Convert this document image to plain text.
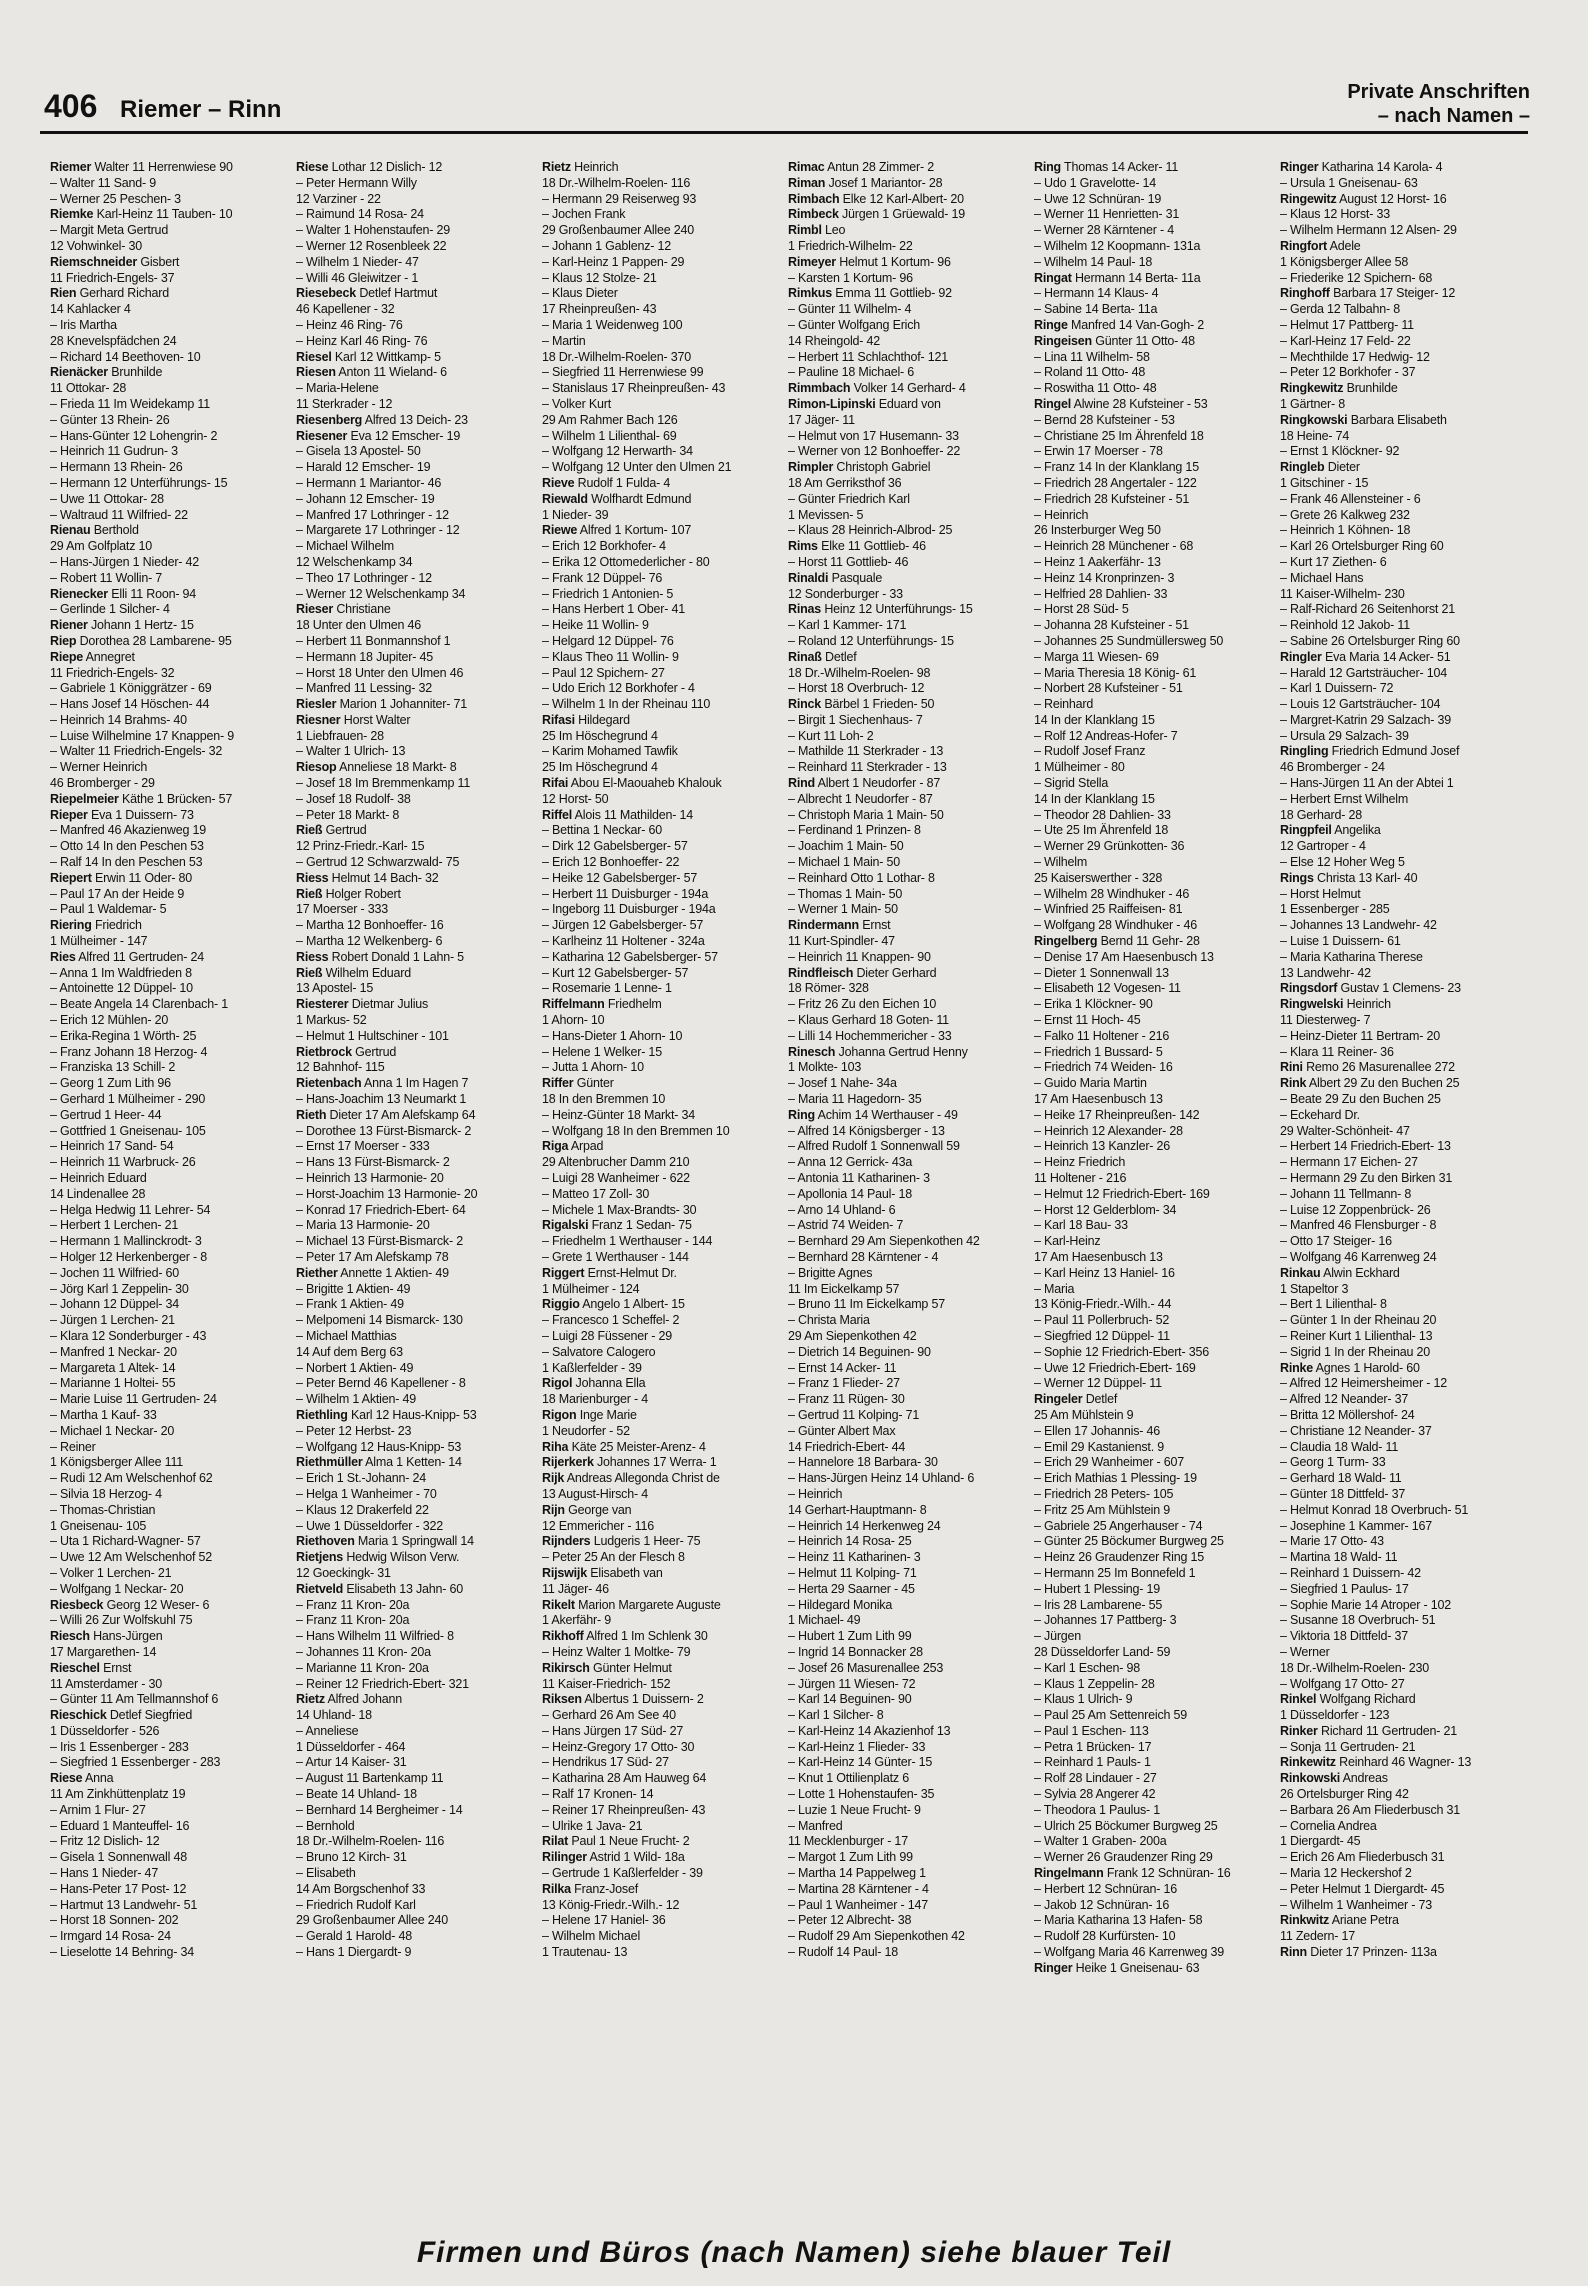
406 Riemer – Rinn
Private Anschriften
– nach Namen –
Riemer Walter 11 Herrenwiese 90
– Walter 11 Sand- 9
– Werner 25 Peschen- 3
Riemke Karl-Heinz 11 Tauben- 10
– Margit Meta Gertrud
12 Vohwinkel- 30
Riemschneider Gisbert
11 Friedrich-Engels- 37
Rien Gerhard Richard
14 Kahlacker 4
– Iris Martha
28 Knevelspfädchen 24
– Richard 14 Beethoven- 10
Rienäcker Brunhilde
11 Ottokar- 28
– Frieda 11 Im Weidekamp 11
– Günter 13 Rhein- 26
– Hans-Günter 12 Lohengrin- 2
– Heinrich 11 Gudrun- 3
– Hermann 13 Rhein- 26
– Hermann 12 Unterführungs- 15
– Uwe 11 Ottokar- 28
– Waltraud 11 Wilfried- 22
Rienau Berthold
29 Am Golfplatz 10
– Hans-Jürgen 1 Nieder- 42
– Robert 11 Wollin- 7
Rienecker Elli 11 Roon- 94
– Gerlinde 1 Silcher- 4
Riener Johann 1 Hertz- 15
Riep Dorothea 28 Lambarene- 95
Riepe Annegret
11 Friedrich-Engels- 32
– Gabriele 1 Königgrätzer - 69
– Hans Josef 14 Höschen- 44
– Heinrich 14 Brahms- 40
– Luise Wilhelmine 17 Knappen- 9
– Walter 11 Friedrich-Engels- 32
– Werner Heinrich
46 Bromberger - 29
Riepelmeier Käthe 1 Brücken- 57
Rieper Eva 1 Duissern- 73
– Manfred 46 Akazienweg 19
– Otto 14 In den Peschen 53
– Ralf 14 In den Peschen 53
Riepert Erwin 11 Oder- 80
– Paul 17 An der Heide 9
– Paul 1 Waldemar- 5
Riering Friedrich
1 Mülheimer - 147
Ries Alfred 11 Gertruden- 24
– Anna 1 Im Waldfrieden 8
– Antoinette 12 Düppel- 10
– Beate Angela 14 Clarenbach- 1
– Erich 12 Mühlen- 20
– Erika-Regina 1 Wörth- 25
– Franz Johann 18 Herzog- 4
– Franziska 13 Schill- 2
– Georg 1 Zum Lith 96
– Gerhard 1 Mülheimer - 290
– Gertrud 1 Heer- 44
– Gottfried 1 Gneisenau- 105
– Heinrich 17 Sand- 54
– Heinrich 11 Warbruck- 26
– Heinrich Eduard
14 Lindenallee 28
– Helga Hedwig 11 Lehrer- 54
– Herbert 1 Lerchen- 21
– Hermann 1 Mallinckrodt- 3
– Holger 12 Herkenberger - 8
– Jochen 11 Wilfried- 60
– Jörg Karl 1 Zeppelin- 30
– Johann 12 Düppel- 34
– Jürgen 1 Lerchen- 21
– Klara 12 Sonderburger - 43
– Manfred 1 Neckar- 20
– Margareta 1 Altek- 14
– Marianne 1 Holtei- 55
– Marie Luise 11 Gertruden- 24
– Martha 1 Kauf- 33
– Michael 1 Neckar- 20
– Reiner
1 Königsberger Allee 111
– Rudi 12 Am Welschenhof 62
– Silvia 18 Herzog- 4
– Thomas-Christian
1 Gneisenau- 105
– Uta 1 Richard-Wagner- 57
– Uwe 12 Am Welschenhof 52
– Volker 1 Lerchen- 21
– Wolfgang 1 Neckar- 20
Riesbeck Georg 12 Weser- 6
– Willi 26 Zur Wolfskuhl 75
Riesch Hans-Jürgen
17 Margarethen- 14
Rieschel Ernst
11 Amsterdamer - 30
– Günter 11 Am Tellmannshof 6
Rieschick Detlef Siegfried
1 Düsseldorfer - 526
– Iris 1 Essenberger - 283
– Siegfried 1 Essenberger - 283
Riese Anna
11 Am Zinkhüttenplatz 19
– Arnim 1 Flur- 27
– Eduard 1 Manteuffel- 16
– Fritz 12 Dislich- 12
– Gisela 1 Sonnenwall 48
– Hans 1 Nieder- 47
– Hans-Peter 17 Post- 12
– Hartmut 13 Landwehr- 51
– Horst 18 Sonnen- 202
– Irmgard 14 Rosa- 24
– Lieselotte 14 Behring- 34
Riese Lothar 12 Dislich- 12
– Peter Hermann Willy
12 Varziner - 22
– Raimund 14 Rosa- 24
– Walter 1 Hohenstaufen- 29
– Werner 12 Rosenbleek 22
– Wilhelm 1 Nieder- 47
– Willi 46 Gleiwitzer - 1
Riesebeck Detlef Hartmut
46 Kapellener - 32
– Heinz 46 Ring- 76
– Heinz Karl 46 Ring- 76
Riesel Karl 12 Wittkamp- 5
Riesen Anton 11 Wieland- 6
– Maria-Helene
11 Sterkrader - 12
Riesenberg Alfred 13 Deich- 23
Riesener Eva 12 Emscher- 19
– Gisela 13 Apostel- 50
– Harald 12 Emscher- 19
– Hermann 1 Mariantor- 46
– Johann 12 Emscher- 19
– Manfred 17 Lothringer - 12
– Margarete 17 Lothringer - 12
– Michael Wilhelm
12 Welschenkamp 34
– Theo 17 Lothringer - 12
– Werner 12 Welschenkamp 34
Rieser Christiane
18 Unter den Ulmen 46
– Herbert 11 Bonmannshof 1
– Hermann 18 Jupiter- 45
– Horst 18 Unter den Ulmen 46
– Manfred 11 Lessing- 32
Riesler Marion 1 Johanniter- 71
Riesner Horst Walter
1 Liebfrauen- 28
– Walter 1 Ulrich- 13
Riesop Anneliese 18 Markt- 8
– Josef 18 Im Bremmenkamp 11
– Josef 18 Rudolf- 38
– Peter 18 Markt- 8
Rieß Gertrud
12 Prinz-Friedr.-Karl- 15
– Gertrud 12 Schwarzwald- 75
Riess Helmut 14 Bach- 32
Rieß Holger Robert
17 Moerser - 333
– Martha 12 Bonhoeffer- 16
– Martha 12 Welkenberg- 6
Riess Robert Donald 1 Lahn- 5
Rieß Wilhelm Eduard
13 Apostel- 15
Riesterer Dietmar Julius
1 Markus- 52
– Helmut 1 Hultschiner - 101
Rietbrock Gertrud
12 Bahnhof- 115
Rietenbach Anna 1 Im Hagen 7
– Hans-Joachim 13 Neumarkt 1
Rieth Dieter 17 Am Alefskamp 64
– Dorothee 13 Fürst-Bismarck- 2
– Ernst 17 Moerser - 333
– Hans 13 Fürst-Bismarck- 2
– Heinrich 13 Harmonie- 20
– Horst-Joachim 13 Harmonie- 20
– Konrad 17 Friedrich-Ebert- 64
– Maria 13 Harmonie- 20
– Michael 13 Fürst-Bismarck- 2
– Peter 17 Am Alefskamp 78
Riether Annette 1 Aktien- 49
– Brigitte 1 Aktien- 49
– Frank 1 Aktien- 49
– Melpomeni 14 Bismarck- 130
– Michael Matthias
14 Auf dem Berg 63
– Norbert 1 Aktien- 49
– Peter Bernd 46 Kapellener - 8
– Wilhelm 1 Aktien- 49
Riethling Karl 12 Haus-Knipp- 53
– Peter 12 Herbst- 23
– Wolfgang 12 Haus-Knipp- 53
Riethmüller Alma 1 Ketten- 14
– Erich 1 St.-Johann- 24
– Helga 1 Wanheimer - 70
– Klaus 12 Drakerfeld 22
– Uwe 1 Düsseldorfer - 322
Riethoven Maria 1 Springwall 14
Rietjens Hedwig Wilson Verw.
12 Goeckingk- 31
Rietveld Elisabeth 13 Jahn- 60
– Franz 11 Kron- 20a
– Franz 11 Kron- 20a
– Hans Wilhelm 11 Wilfried- 8
– Johannes 11 Kron- 20a
– Marianne 11 Kron- 20a
– Reiner 12 Friedrich-Ebert- 321
Rietz Alfred Johann
14 Uhland- 18
– Anneliese
1 Düsseldorfer - 464
– Artur 14 Kaiser- 31
– August 11 Bartenkamp 11
– Beate 14 Uhland- 18
– Bernhard 14 Bergheimer - 14
– Bernhold
18 Dr.-Wilhelm-Roelen- 116
– Bruno 12 Kirch- 31
– Elisabeth
14 Am Borgschenhof 33
– Friedrich Rudolf Karl
29 Großenbaumer Allee 240
– Gerald 1 Harold- 48
– Hans 1 Diergardt- 9
Rietz Heinrich
18 Dr.-Wilhelm-Roelen- 116
– Hermann 29 Reiserweg 93
– Jochen Frank
29 Großenbaumer Allee 240
– Johann 1 Gablenz- 12
– Karl-Heinz 1 Pappen- 29
– Klaus 12 Stolze- 21
– Klaus Dieter
17 Rheinpreußen- 43
– Maria 1 Weidenweg 100
– Martin
18 Dr.-Wilhelm-Roelen- 370
– Siegfried 11 Herrenwiese 99
– Stanislaus 17 Rheinpreußen- 43
– Volker Kurt
29 Am Rahmer Bach 126
– Wilhelm 1 Lilienthal- 69
– Wolfgang 12 Herwarth- 34
– Wolfgang 12 Unter den Ulmen 21
Rieve Rudolf 1 Fulda- 4
Riewald Wolfhardt Edmund
1 Nieder- 39
Riewe Alfred 1 Kortum- 107
– Erich 12 Borkhofer- 4
– Erika 12 Ottomederlicher - 80
– Frank 12 Düppel- 76
– Friedrich 1 Antonien- 5
– Hans Herbert 1 Ober- 41
– Heike 11 Wollin- 9
– Helgard 12 Düppel- 76
– Klaus Theo 11 Wollin- 9
– Paul 12 Spichern- 27
– Udo Erich 12 Borkhofer - 4
– Wilhelm 1 In der Rheinau 110
Rifasi Hildegard
25 Im Höschegrund 4
– Karim Mohamed Tawfik
25 Im Höschegrund 4
Rifai Abou El-Maouaheb Khalouk
12 Horst- 50
Riffel Alois 11 Mathilden- 14
– Bettina 1 Neckar- 60
– Dirk 12 Gabelsberger- 57
– Erich 12 Bonhoeffer- 22
– Heike 12 Gabelsberger- 57
– Herbert 11 Duisburger - 194a
– Ingeborg 11 Duisburger - 194a
– Jürgen 12 Gabelsberger- 57
– Karlheinz 11 Holtener - 324a
– Katharina 12 Gabelsberger- 57
– Kurt 12 Gabelsberger- 57
– Rosemarie 1 Lenne- 1
Riffelmann Friedhelm
1 Ahorn- 10
– Hans-Dieter 1 Ahorn- 10
– Helene 1 Welker- 15
– Jutta 1 Ahorn- 10
Riffer Günter
18 In den Bremmen 10
– Heinz-Günter 18 Markt- 34
– Wolfgang 18 In den Bremmen 10
Riga Arpad
29 Altenbrucher Damm 210
– Luigi 28 Wanheimer - 622
– Matteo 17 Zoll- 30
– Michele 1 Max-Brandts- 30
Rigalski Franz 1 Sedan- 75
– Friedhelm 1 Werthauser - 144
– Grete 1 Werthauser - 144
Riggert Ernst-Helmut Dr.
1 Mülheimer - 124
Riggio Angelo 1 Albert- 15
– Francesco 1 Scheffel- 2
– Luigi 28 Füssener - 29
– Salvatore Calogero
1 Kaßlerfelder - 39
Rigol Johanna Ella
18 Marienburger - 4
Rigon Inge Marie
1 Neudorfer - 52
Riha Käte 25 Meister-Arenz- 4
Rijerkerk Johannes 17 Werra- 1
Rijk Andreas Allegonda Christ de
13 August-Hirsch- 4
Rijn George van
12 Emmericher - 116
Rijnders Ludgeris 1 Heer- 75
– Peter 25 An der Flesch 8
Rijswijk Elisabeth van
11 Jäger- 46
Rikelt Marion Margarete Auguste
1 Akerfähr- 9
Rikhoff Alfred 1 Im Schlenk 30
– Heinz Walter 1 Moltke- 79
Rikirsch Günter Helmut
11 Kaiser-Friedrich- 152
Riksen Albertus 1 Duissern- 2
– Gerhard 26 Am See 40
– Hans Jürgen 17 Süd- 27
– Heinz-Gregory 17 Otto- 30
– Hendrikus 17 Süd- 27
– Katharina 28 Am Hauweg 64
– Ralf 17 Kronen- 14
– Reiner 17 Rheinpreußen- 43
– Ulrike 1 Java- 21
Rilat Paul 1 Neue Frucht- 2
Rilinger Astrid 1 Wild- 18a
– Gertrude 1 Kaßlerfelder - 39
Rilka Franz-Josef
13 König-Friedr.-Wilh.- 12
– Helene 17 Haniel- 36
– Wilhelm Michael
1 Trautenau- 13
Rimac Antun 28 Zimmer- 2
Riman Josef 1 Mariantor- 28
Rimbach Elke 12 Karl-Albert- 20
Rimbeck Jürgen 1 Grüewald- 19
Rimbl Leo
1 Friedrich-Wilhelm- 22
Rimeyer Helmut 1 Kortum- 96
– Karsten 1 Kortum- 96
Rimkus Emma 11 Gottlieb- 92
– Günter 11 Wilhelm- 4
– Günter Wolfgang Erich
14 Rheingold- 42
– Herbert 11 Schlachthof- 121
– Pauline 18 Michael- 6
Rimmbach Volker 14 Gerhard- 4
Rimon-Lipinski Eduard von
17 Jäger- 11
– Helmut von 17 Husemann- 33
– Werner von 12 Bonhoeffer- 22
Rimpler Christoph Gabriel
18 Am Gerriksthof 36
– Günter Friedrich Karl
1 Mevissen- 5
– Klaus 28 Heinrich-Albrod- 25
Rims Elke 11 Gottlieb- 46
– Horst 11 Gottlieb- 46
Rinaldi Pasquale
12 Sonderburger - 33
Rinas Heinz 12 Unterführungs- 15
– Karl 1 Kammer- 171
– Roland 12 Unterführungs- 15
Rinaß Detlef
18 Dr.-Wilhelm-Roelen- 98
– Horst 18 Overbruch- 12
Rinck Bärbel 1 Frieden- 50
– Birgit 1 Siechenhaus- 7
– Kurt 11 Loh- 2
– Mathilde 11 Sterkrader - 13
– Reinhard 11 Sterkrader - 13
Rind Albert 1 Neudorfer - 87
– Albrecht 1 Neudorfer - 87
– Christoph Maria 1 Main- 50
– Ferdinand 1 Prinzen- 8
– Joachim 1 Main- 50
– Michael 1 Main- 50
– Reinhard Otto 1 Lothar- 8
– Thomas 1 Main- 50
– Werner 1 Main- 50
Rindermann Ernst
11 Kurt-Spindler- 47
– Heinrich 11 Knappen- 90
Rindfleisch Dieter Gerhard
18 Römer- 328
– Fritz 26 Zu den Eichen 10
– Klaus Gerhard 18 Goten- 11
– Lilli 14 Hochemmericher - 33
Rinesch Johanna Gertrud Henny
1 Molkte- 103
– Josef 1 Nahe- 34a
– Maria 11 Hagedorn- 35
Ring Achim 14 Werthauser - 49
– Alfred 14 Königsberger - 13
– Alfred Rudolf 1 Sonnenwall 59
– Anna 12 Gerrick- 43a
– Antonia 11 Katharinen- 3
– Apollonia 14 Paul- 18
– Arno 14 Uhland- 6
– Astrid 74 Weiden- 7
– Bernhard 29 Am Siepenkothen 42
– Bernhard 28 Kärntener - 4
– Brigitte Agnes
11 Im Eickelkamp 57
– Bruno 11 Im Eickelkamp 57
– Christa Maria
29 Am Siepenkothen 42
– Dietrich 14 Beguinen- 90
– Ernst 14 Acker- 11
– Franz 1 Flieder- 27
– Franz 11 Rügen- 30
– Gertrud 11 Kolping- 71
– Günter Albert Max
14 Friedrich-Ebert- 44
– Hannelore 18 Barbara- 30
– Hans-Jürgen Heinz 14 Uhland- 6
– Heinrich
14 Gerhart-Hauptmann- 8
– Heinrich 14 Herkenweg 24
– Heinrich 14 Rosa- 25
– Heinz 11 Katharinen- 3
– Helmut 11 Kolping- 71
– Herta 29 Saarner - 45
– Hildegard Monika
1 Michael- 49
– Hubert 1 Zum Lith 99
– Ingrid 14 Bonnacker 28
– Josef 26 Masurenallee 253
– Jürgen 11 Wiesen- 72
– Karl 14 Beguinen- 90
– Karl 1 Silcher- 8
– Karl-Heinz 14 Akazienhof 13
– Karl-Heinz 1 Flieder- 33
– Karl-Heinz 14 Günter- 15
– Knut 1 Ottilienplatz 6
– Lotte 1 Hohenstaufen- 35
– Luzie 1 Neue Frucht- 9
– Manfred
11 Mecklenburger - 17
– Margot 1 Zum Lith 99
– Martha 14 Pappelweg 1
– Martina 28 Kärntener - 4
– Paul 1 Wanheimer - 147
– Peter 12 Albrecht- 38
– Rudolf 29 Am Siepenkothen 42
– Rudolf 14 Paul- 18
Ring Thomas 14 Acker- 11
– Udo 1 Gravelotte- 14
– Uwe 12 Schnüran- 19
– Werner 11 Henrietten- 31
– Werner 28 Kärntener - 4
– Wilhelm 12 Koopmann- 131a
– Wilhelm 14 Paul- 18
Ringat Hermann 14 Berta- 11a
– Hermann 14 Klaus- 4
– Sabine 14 Berta- 11a
Ringe Manfred 14 Van-Gogh- 2
Ringeisen Günter 11 Otto- 48
– Lina 11 Wilhelm- 58
– Roland 11 Otto- 48
– Roswitha 11 Otto- 48
Ringel Alwine 28 Kufsteiner - 53
– Bernd 28 Kufsteiner - 53
– Christiane 25 Im Ährenfeld 18
– Erwin 17 Moerser - 78
– Franz 14 In der Klanklang 15
– Friedrich 28 Angertaler - 122
– Friedrich 28 Kufsteiner - 51
– Heinrich
26 Insterburger Weg 50
– Heinrich 28 Münchener - 68
– Heinz 1 Aakerfähr- 13
– Heinz 14 Kronprinzen- 3
– Helfried 28 Dahlien- 33
– Horst 28 Süd- 5
– Johanna 28 Kufsteiner - 51
– Johannes 25 Sundmüllersweg 50
– Marga 11 Wiesen- 69
– Maria Theresia 18 König- 61
– Norbert 28 Kufsteiner - 51
– Reinhard
14 In der Klanklang 15
– Rolf 12 Andreas-Hofer- 7
– Rudolf Josef Franz
1 Mülheimer - 80
– Sigrid Stella
14 In der Klanklang 15
– Theodor 28 Dahlien- 33
– Ute 25 Im Ährenfeld 18
– Werner 29 Grünkotten- 36
– Wilhelm
25 Kaiserswerther - 328
– Wilhelm 28 Windhuker - 46
– Winfried 25 Raiffeisen- 81
– Wolfgang 28 Windhuker - 46
Ringelberg Bernd 11 Gehr- 28
– Denise 17 Am Haesenbusch 13
– Dieter 1 Sonnenwall 13
– Elisabeth 12 Vogesen- 11
– Erika 1 Klöckner- 90
– Ernst 11 Hoch- 45
– Falko 11 Holtener - 216
– Friedrich 1 Bussard- 5
– Friedrich 74 Weiden- 16
– Guido Maria Martin
17 Am Haesenbusch 13
– Heike 17 Rheinpreußen- 142
– Heinrich 12 Alexander- 28
– Heinrich 13 Kanzler- 26
– Heinz Friedrich
11 Holtener - 216
– Helmut 12 Friedrich-Ebert- 169
– Horst 12 Gelderblom- 34
– Karl 18 Bau- 33
– Karl-Heinz
17 Am Haesenbusch 13
– Karl Heinz 13 Haniel- 16
– Maria
13 König-Friedr.-Wilh.- 44
– Paul 11 Pollerbruch- 52
– Siegfried 12 Düppel- 11
– Sophie 12 Friedrich-Ebert- 356
– Uwe 12 Friedrich-Ebert- 169
– Werner 12 Düppel- 11
Ringeler Detlef
25 Am Mühlstein 9
– Ellen 17 Johannis- 46
– Emil 29 Kastanienst. 9
– Erich 29 Wanheimer - 607
– Erich Mathias 1 Plessing- 19
– Friedrich 28 Peters- 105
– Fritz 25 Am Mühlstein 9
– Gabriele 25 Angerhauser - 74
– Günter 25 Böckumer Burgweg 25
– Heinz 26 Graudenzer Ring 15
– Hermann 25 Im Bonnefeld 1
– Hubert 1 Plessing- 19
– Iris 28 Lambarene- 55
– Johannes 17 Pattberg- 3
– Jürgen
28 Düsseldorfer Land- 59
– Karl 1 Eschen- 98
– Klaus 1 Zeppelin- 28
– Klaus 1 Ulrich- 9
– Paul 25 Am Settenreich 59
– Paul 1 Eschen- 113
– Petra 1 Brücken- 17
– Reinhard 1 Pauls- 1
– Rolf 28 Lindauer - 27
– Sylvia 28 Angerer 42
– Theodora 1 Paulus- 1
– Ulrich 25 Böckumer Burgweg 25
– Walter 1 Graben- 200a
– Werner 26 Graudenzer Ring 29
Ringelmann Frank 12 Schnüran- 16
– Herbert 12 Schnüran- 16
– Jakob 12 Schnüran- 16
– Maria Katharina 13 Hafen- 58
– Rudolf 28 Kurfürsten- 10
– Wolfgang Maria 46 Karrenweg 39
Ringer Heike 1 Gneisenau- 63
Ringer Katharina 14 Karola- 4
– Ursula 1 Gneisenau- 63
Ringewitz August 12 Horst- 16
– Klaus 12 Horst- 33
– Wilhelm Hermann 12 Alsen- 29
Ringfort Adele
1 Königsberger Allee 58
– Friederike 12 Spichern- 68
Ringhoff Barbara 17 Steiger- 12
– Gerda 12 Talbahn- 8
– Helmut 17 Pattberg- 11
– Karl-Heinz 17 Feld- 22
– Mechthilde 17 Hedwig- 12
– Peter 12 Borkhofer - 37
Ringkewitz Brunhilde
1 Gärtner- 8
Ringkowski Barbara Elisabeth
18 Heine- 74
– Ernst 1 Klöckner- 92
Ringleb Dieter
1 Gitschiner - 15
– Frank 46 Allensteiner - 6
– Grete 26 Kalkweg 232
– Heinrich 1 Köhnen- 18
– Karl 26 Ortelsburger Ring 60
– Kurt 17 Ziethen- 6
– Michael Hans
11 Kaiser-Wilhelm- 230
– Ralf-Richard 26 Seitenhorst 21
– Reinhold 12 Jakob- 11
– Sabine 26 Ortelsburger Ring 60
Ringler Eva Maria 14 Acker- 51
– Harald 12 Gartsträucher- 104
– Karl 1 Duissern- 72
– Louis 12 Gartsträucher- 104
– Margret-Katrin 29 Salzach- 39
– Ursula 29 Salzach- 39
Ringling Friedrich Edmund Josef
46 Bromberger - 24
– Hans-Jürgen 11 An der Abtei 1
– Herbert Ernst Wilhelm
18 Gerhard- 28
Ringpfeil Angelika
12 Gartroper - 4
– Else 12 Hoher Weg 5
Rings Christa 13 Karl- 40
– Horst Helmut
1 Essenberger - 285
– Johannes 13 Landwehr- 42
– Luise 1 Duissern- 61
– Maria Katharina Therese
13 Landwehr- 42
Ringsdorf Gustav 1 Clemens- 23
Ringwelski Heinrich
11 Diesterweg- 7
– Heinz-Dieter 11 Bertram- 20
– Klara 11 Reiner- 36
Rini Remo 26 Masurenallee 272
Rink Albert 29 Zu den Buchen 25
– Beate 29 Zu den Buchen 25
– Eckehard Dr.
29 Walter-Schönheit- 47
– Herbert 14 Friedrich-Ebert- 13
– Hermann 17 Eichen- 27
– Hermann 29 Zu den Birken 31
– Johann 11 Tellmann- 8
– Luise 12 Zoppenbrück- 26
– Manfred 46 Flensburger - 8
– Otto 17 Steiger- 16
– Wolfgang 46 Karrenweg 24
Rinkau Alwin Eckhard
1 Stapeltor 3
– Bert 1 Lilienthal- 8
– Günter 1 In der Rheinau 20
– Reiner Kurt 1 Lilienthal- 13
– Sigrid 1 In der Rheinau 20
Rinke Agnes 1 Harold- 60
– Alfred 12 Heimersheimer - 12
– Alfred 12 Neander- 37
– Britta 12 Möllershof- 24
– Christiane 12 Neander- 37
– Claudia 18 Wald- 11
– Georg 1 Turm- 33
– Gerhard 18 Wald- 11
– Günter 18 Dittfeld- 37
– Helmut Konrad 18 Overbruch- 51
– Josephine 1 Kammer- 167
– Marie 17 Otto- 43
– Martina 18 Wald- 11
– Reinhard 1 Duissern- 42
– Siegfried 1 Paulus- 17
– Sophie Marie 14 Atroper - 102
– Susanne 18 Overbruch- 51
– Viktoria 18 Dittfeld- 37
– Werner
18 Dr.-Wilhelm-Roelen- 230
– Wolfgang 17 Otto- 27
Rinkel Wolfgang Richard
1 Düsseldorfer - 123
Rinker Richard 11 Gertruden- 21
– Sonja 11 Gertruden- 21
Rinkewitz Reinhard 46 Wagner- 13
Rinkowski Andreas
26 Ortelsburger Ring 42
– Barbara 26 Am Fliederbusch 31
– Cornelia Andrea
1 Diergardt- 45
– Erich 26 Am Fliederbusch 31
– Maria 12 Heckershof 2
– Peter Helmut 1 Diergardt- 45
– Wilhelm 1 Wanheimer - 73
Rinkwitz Ariane Petra
11 Zedern- 17
Rinn Dieter 17 Prinzen- 113a
Firmen und Büros (nach Namen) siehe blauer Teil
